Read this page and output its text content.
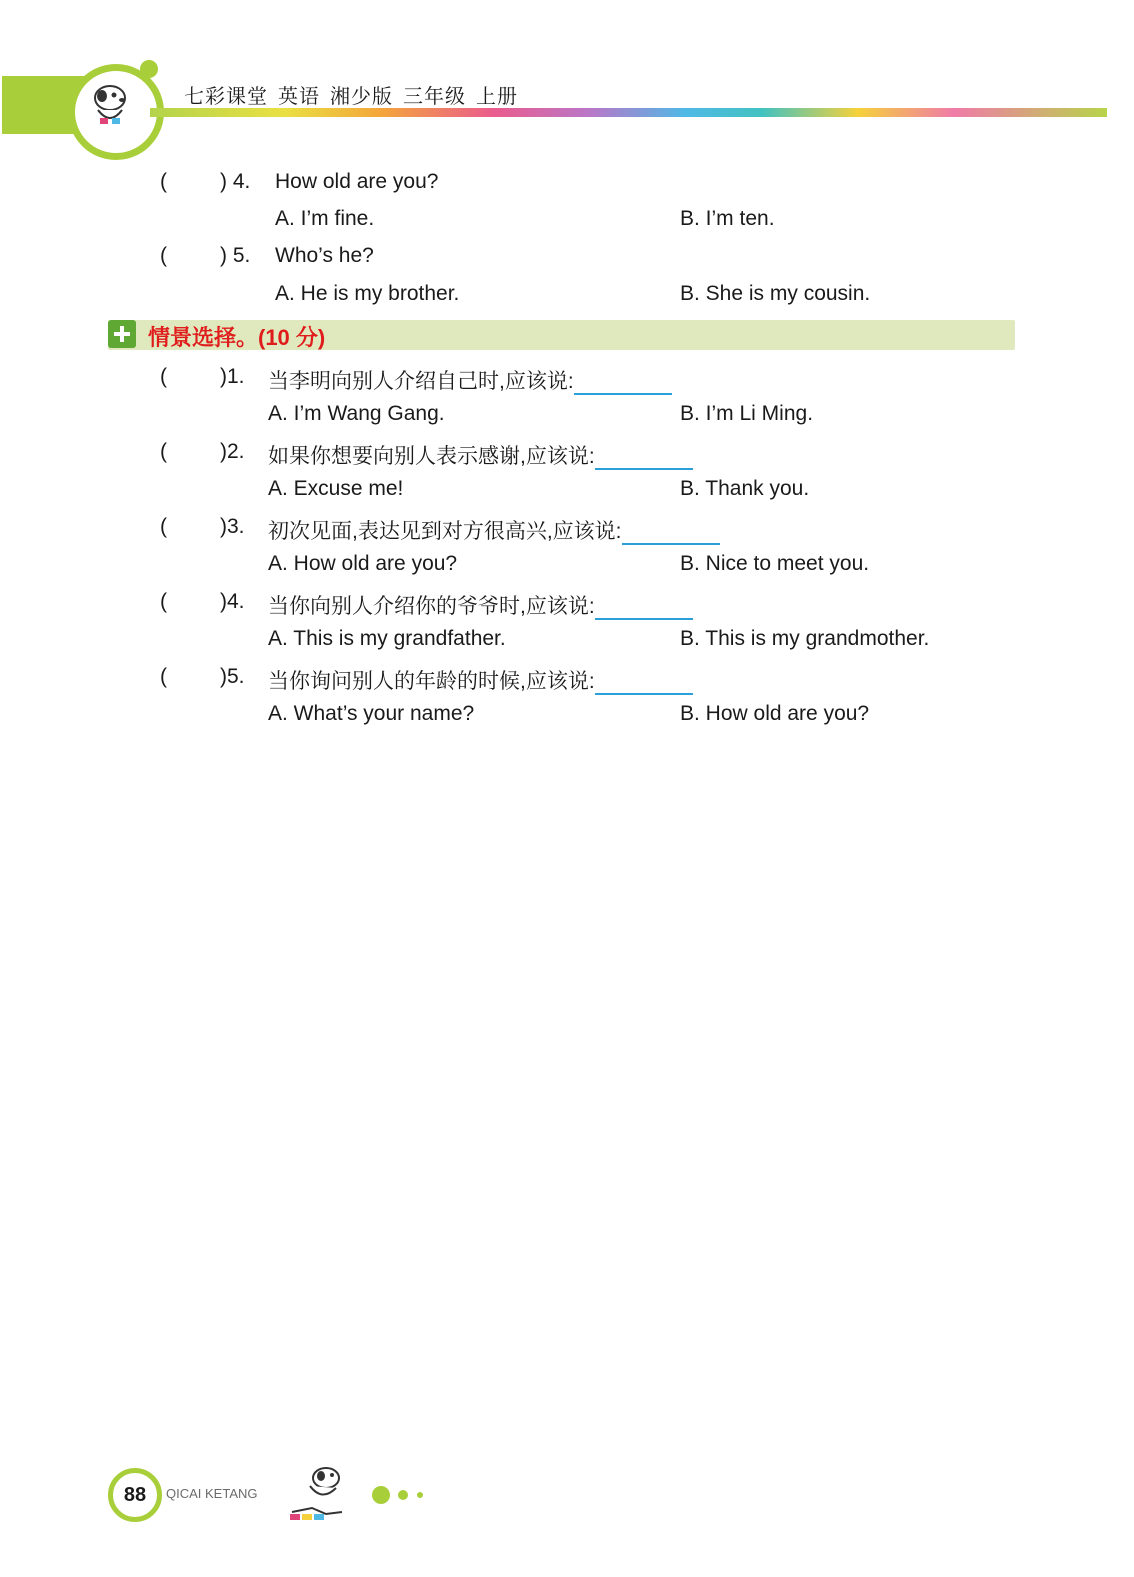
七彩课堂 英语 湘少版 三年级 上册
(	) 4. How old are you?
A. I’m fine.	B. I’m ten.
(	) 5. Who’s he?
A. He is my brother.	B. She is my cousin.
情景选择。(10 分)
(	)1. 当李明向别人介绍自己时,应该说:
A. I’m Wang Gang.	B. I’m Li Ming.
(	)2. 如果你想要向别人表示感谢,应该说:
A. Excuse me!	B. Thank you.
(	)3. 初次见面,表达见到对方很高兴,应该说:
A. How old are you?	B. Nice to meet you.
(	)4. 当你向别人介绍你的爷爷时,应该说:
A. This is my grandfather.	B. This is my grandmother.
(	)5. 当你询问别人的年龄的时候,应该说:
A. What’s your name?	B. How old are you?
88	QICAI KETANG
